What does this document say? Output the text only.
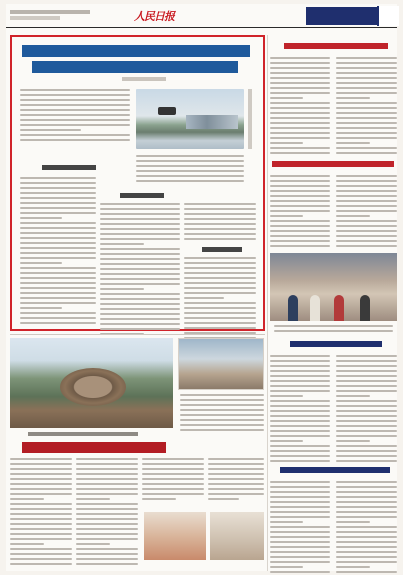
人民日报
